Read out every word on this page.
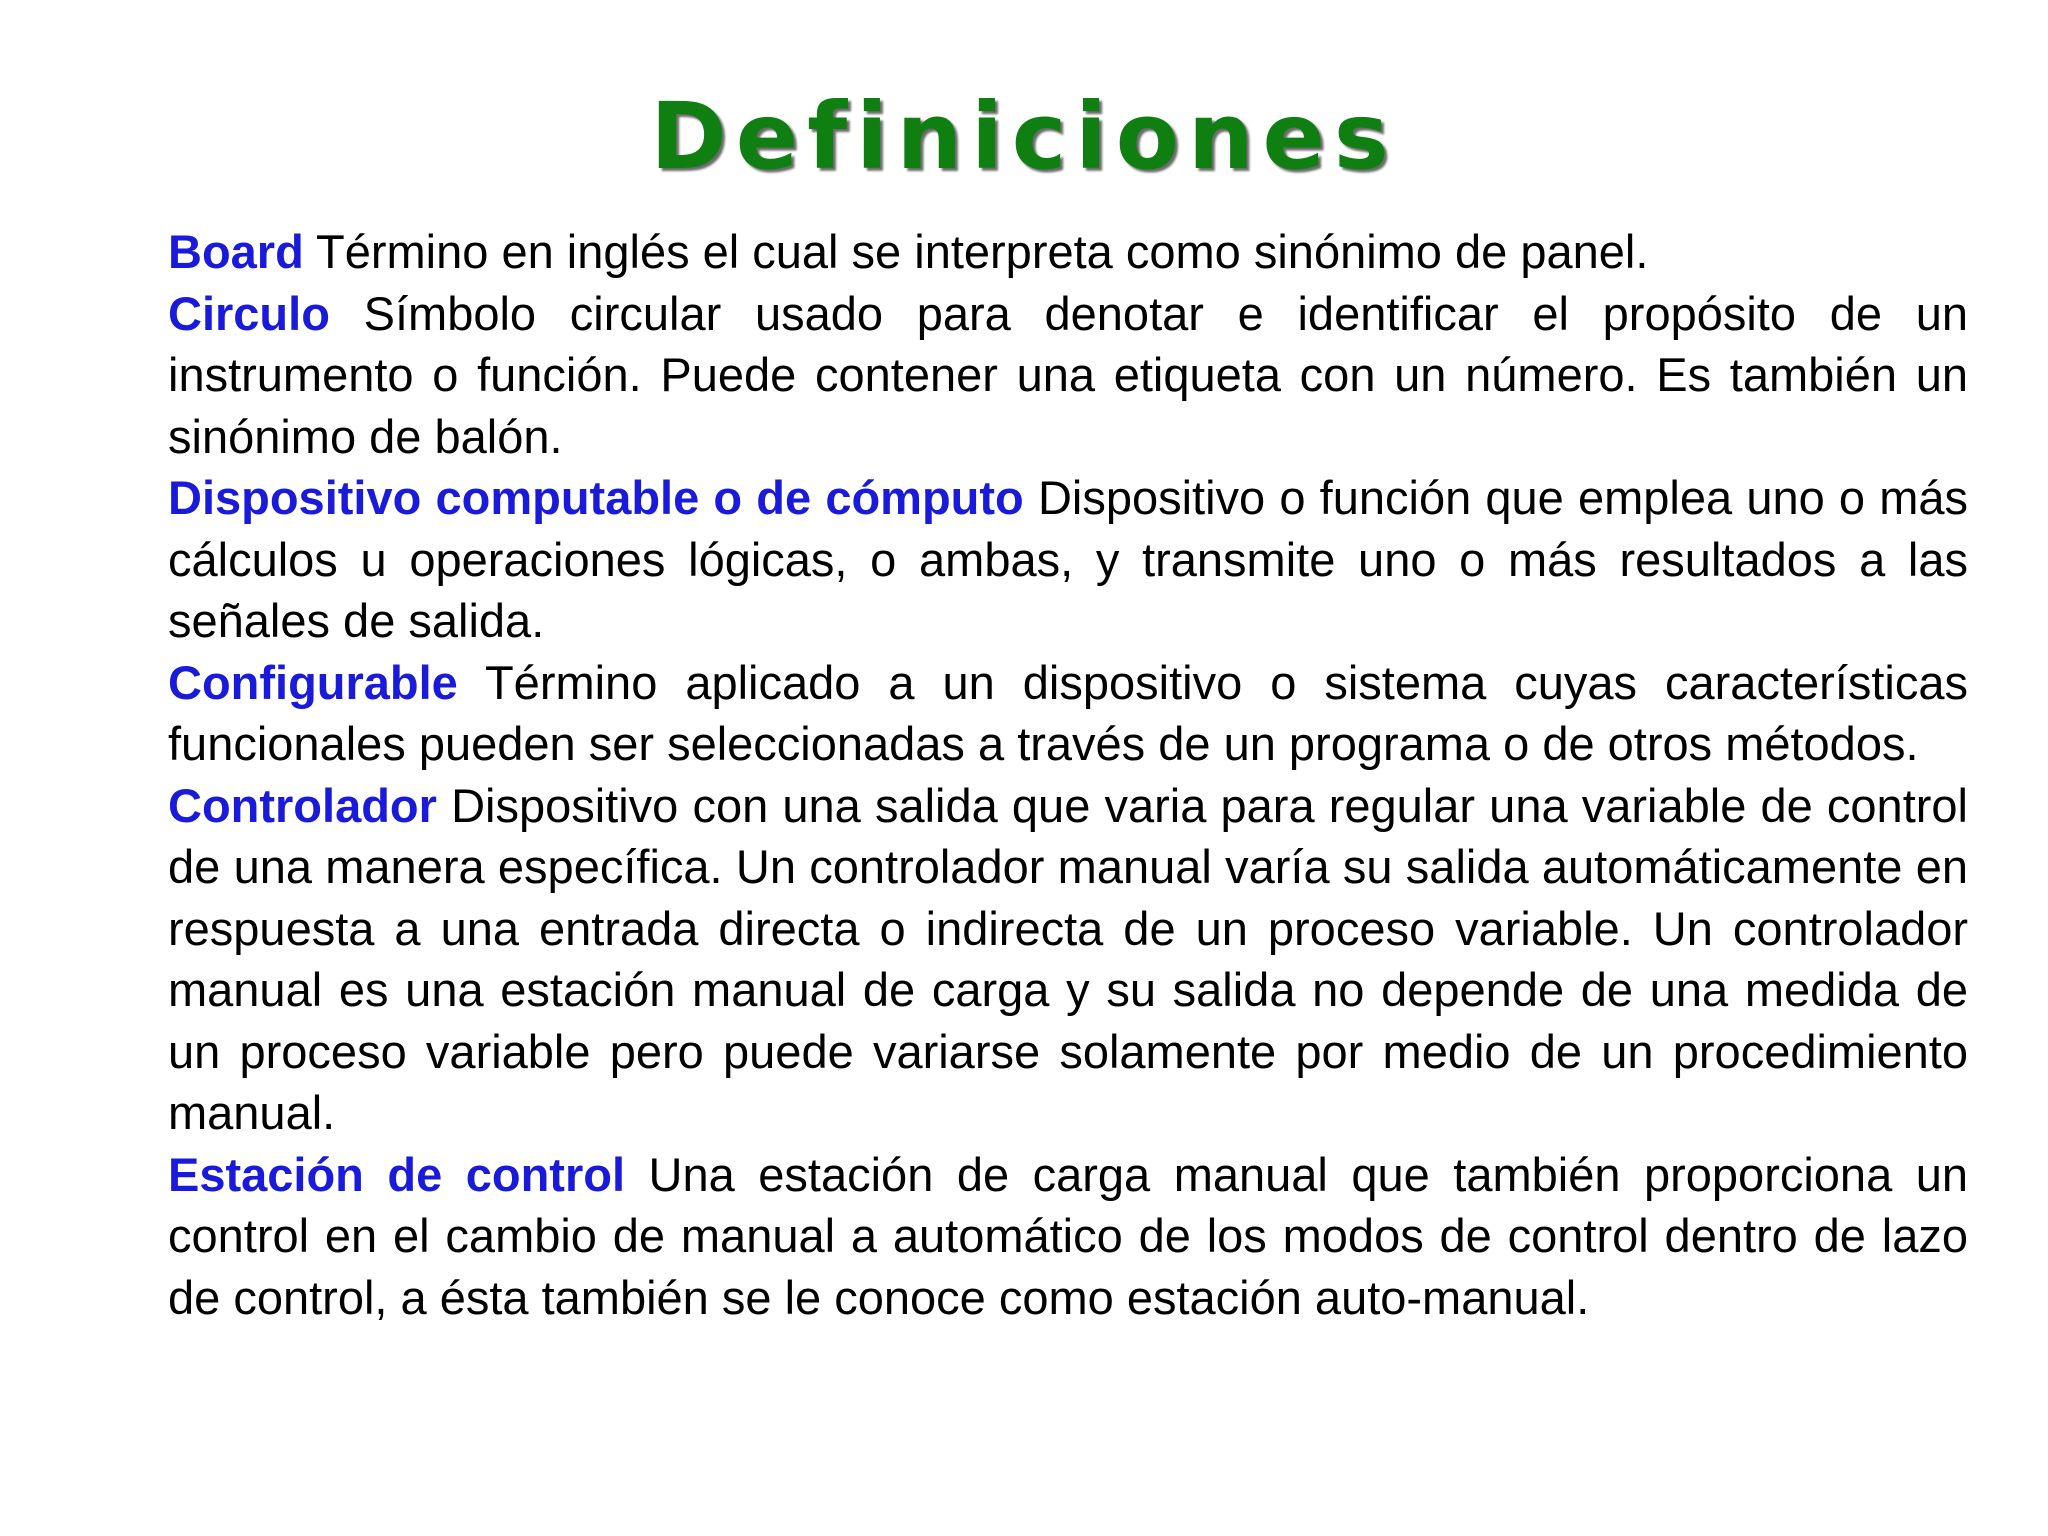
Definiciones

Board Término en inglés el cual se interpreta como sinónimo de panel.

Circulo Símbolo circular usado para denotar e identificar el propósito de un instrumento o función. Puede contener una etiqueta con un número. Es también un sinónimo de balón.

Dispositivo computable o de cómputo Dispositivo o función que emplea uno o más cálculos u operaciones lógicas, o ambas, y transmite uno o más resultados a las señales de salida.

Configurable Término aplicado a un dispositivo o sistema cuyas características funcionales pueden ser seleccionadas a través de un programa o de otros métodos.

Controlador Dispositivo con una salida que varia para regular una variable de control de una manera específica. Un controlador manual varía su salida automáticamente en respuesta a una entrada directa o indirecta de un proceso variable. Un controlador manual es una estación manual de carga y su salida no depende de una medida de un proceso variable pero puede variarse solamente por medio de un procedimiento manual.

Estación de control Una estación de carga manual que también proporciona un control en el cambio de manual a automático de los modos de control dentro de lazo de control, a ésta también se le conoce como estación auto-manual.
